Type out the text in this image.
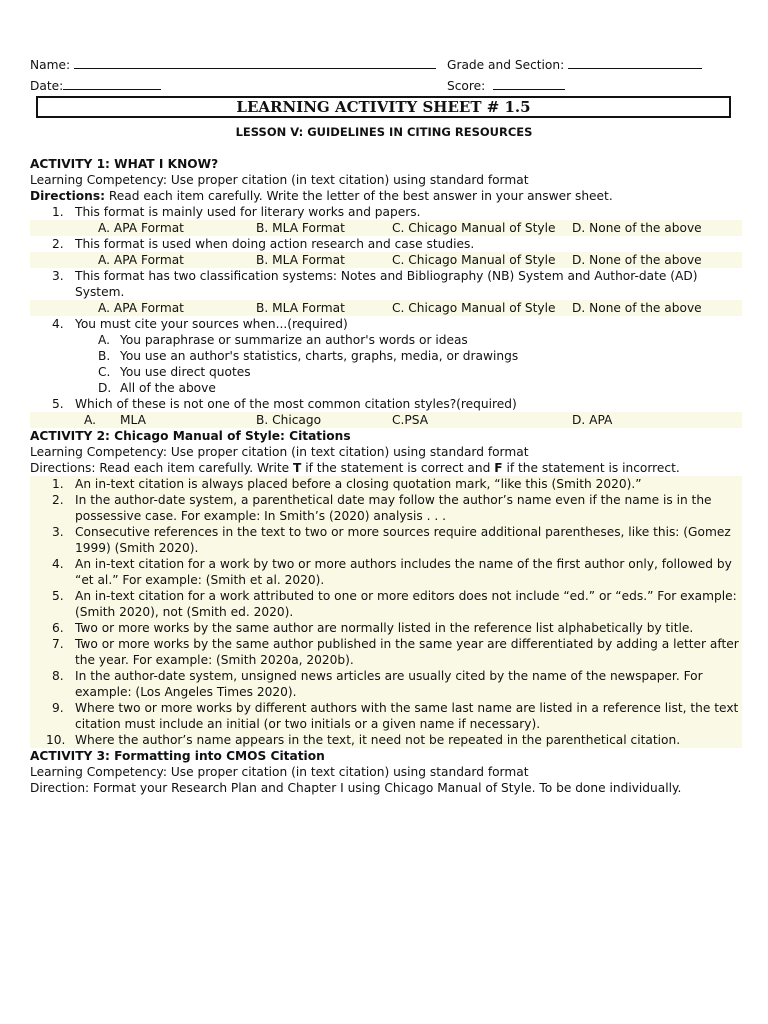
Name:	Grade and Section:
Date:	Score:
LEARNING ACTIVITY SHEET # 1.5
LESSON V: GUIDELINES IN CITING RESOURCES
ACTIVITY 1: WHAT I KNOW?
Learning Competency: Use proper citation (in text citation) using standard format
Directions: Read each item carefully. Write the letter of the best answer in your answer sheet.
1. This format is mainly used for literary works and papers.
A. APA Format	B. MLA Format	C. Chicago Manual of Style D. None of the above
2. This format is used when doing action research and case studies.
A. APA Format	B. MLA Format	C. Chicago Manual of Style D. None of the above
3. This format has two classification systems: Notes and Bibliography (NB) System and Author-date (AD)
System.
A. APA Format	B. MLA Format	C. Chicago Manual of Style D. None of the above
4. You must cite your sources when...(required)
A. You paraphrase or summarize an author's words or ideas
B. You use an author's statistics, charts, graphs, media, or drawings
C. You use direct quotes
D. All of the above
5. Which of these is not one of the most common citation styles?(required)
A. MLA	B. Chicago	C.PSA	D. APA
ACTIVITY 2: Chicago Manual of Style: Citations
Learning Competency: Use proper citation (in text citation) using standard format
Directions: Read each item carefully. Write T if the statement is correct and F if the statement is incorrect.
1. An in-text citation is always placed before a closing quotation mark, “like this (Smith 2020).”
2. In the author-date system, a parenthetical date may follow the author’s name even if the name is in the
possessive case. For example: In Smith’s (2020) analysis . . .
3. Consecutive references in the text to two or more sources require additional parentheses, like this: (Gomez
1999) (Smith 2020).
4. An in-text citation for a work by two or more authors includes the name of the first author only, followed by
“et al.” For example: (Smith et al. 2020).
5. An in-text citation for a work attributed to one or more editors does not include “ed.” or “eds.” For example:
(Smith 2020), not (Smith ed. 2020).
6. Two or more works by the same author are normally listed in the reference list alphabetically by title.
7. Two or more works by the same author published in the same year are differentiated by adding a letter after
the year. For example: (Smith 2020a, 2020b).
8. In the author-date system, unsigned news articles are usually cited by the name of the newspaper. For
example: (Los Angeles Times 2020).
9. Where two or more works by different authors with the same last name are listed in a reference list, the text
citation must include an initial (or two initials or a given name if necessary).
10. Where the author’s name appears in the text, it need not be repeated in the parenthetical citation.
ACTIVITY 3: Formatting into CMOS Citation
Learning Competency: Use proper citation (in text citation) using standard format
Direction: Format your Research Plan and Chapter I using Chicago Manual of Style. To be done individually.
